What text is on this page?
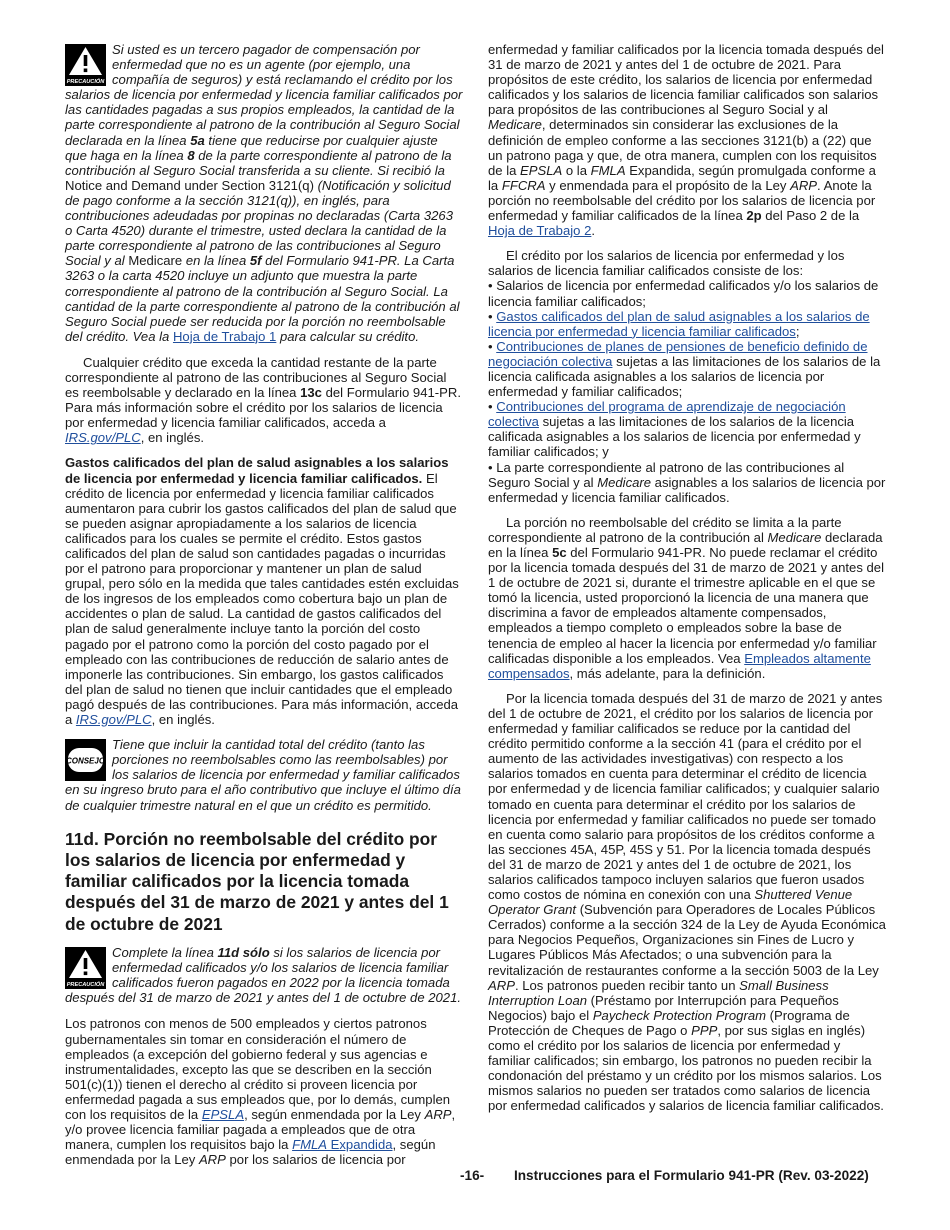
PRECAUCIÓN
Si usted es un tercero pagador de compensación por enfermedad que no es un agente (por ejemplo, una compañía de seguros) y está reclamando el crédito por los salarios de licencia por enfermedad y licencia familiar calificados por las cantidades pagadas a sus propios empleados, la cantidad de la parte correspondiente al patrono de la contribución al Seguro Social declarada en la línea 5a tiene que reducirse por cualquier ajuste que haga en la línea 8 de la parte correspondiente al patrono de la contribución al Seguro Social transferida a su cliente. Si recibió la Notice and Demand under Section 3121(q) (Notificación y solicitud de pago conforme a la sección 3121(q)), en inglés, para contribuciones adeudadas por propinas no declaradas (Carta 3263 o Carta 4520) durante el trimestre, usted declara la cantidad de la parte correspondiente al patrono de las contribuciones al Seguro Social y al Medicare en la línea 5f del Formulario 941-PR. La Carta 3263 o la carta 4520 incluye un adjunto que muestra la parte correspondiente al patrono de la contribución al Seguro Social. La cantidad de la parte correspondiente al patrono de la contribución al Seguro Social puede ser reducida por la porción no reembolsable del crédito. Vea la Hoja de Trabajo 1 para calcular su crédito.

Cualquier crédito que exceda la cantidad restante de la parte correspondiente al patrono de las contribuciones al Seguro Social es reembolsable y declarado en la línea 13c del Formulario 941-PR. Para más información sobre el crédito por los salarios de licencia por enfermedad y licencia familiar calificados, acceda a IRS.gov/PLC, en inglés.

Gastos calificados del plan de salud asignables a los salarios de licencia por enfermedad y licencia familiar calificados. El crédito de licencia por enfermedad y licencia familiar calificados aumentaron para cubrir los gastos calificados del plan de salud que se pueden asignar apropiadamente a los salarios de licencia calificados para los cuales se permite el crédito. Estos gastos calificados del plan de salud son cantidades pagadas o incurridas por el patrono para proporcionar y mantener un plan de salud grupal, pero sólo en la medida que tales cantidades estén excluidas de los ingresos de los empleados como cobertura bajo un plan de accidentes o plan de salud. La cantidad de gastos calificados del plan de salud generalmente incluye tanto la porción del costo pagado por el patrono como la porción del costo pagado por el empleado con las contribuciones de reducción de salario antes de imponerle las contribuciones. Sin embargo, los gastos calificados del plan de salud no tienen que incluir cantidades que el empleado pagó después de las contribuciones. Para más información, acceda a IRS.gov/PLC, en inglés.

CONSEJO
Tiene que incluir la cantidad total del crédito (tanto las porciones no reembolsables como las reembolsables) por los salarios de licencia por enfermedad y familiar calificados en su ingreso bruto para el año contributivo que incluye el último día de cualquier trimestre natural en el que un crédito es permitido.
11d. Porción no reembolsable del crédito por los salarios de licencia por enfermedad y familiar calificados por la licencia tomada después del 31 de marzo de 2021 y antes del 1 de octubre de 2021
PRECAUCIÓN
Complete la línea 11d sólo si los salarios de licencia por enfermedad calificados y/o los salarios de licencia familiar calificados fueron pagados en 2022 por la licencia tomada después del 31 de marzo de 2021 y antes del 1 de octubre de 2021.

Los patronos con menos de 500 empleados y ciertos patronos gubernamentales sin tomar en consideración el número de empleados (a excepción del gobierno federal y sus agencias e instrumentalidades, excepto las que se describen en la sección 501(c)(1)) tienen el derecho al crédito si proveen licencia por enfermedad pagada a sus empleados que, por lo demás, cumplen con los requisitos de la EPSLA, según enmendada por la Ley ARP, y/o provee licencia familiar pagada a empleados que de otra manera, cumplen los requisitos bajo la FMLA Expandida, según enmendada por la Ley ARP por los salarios de licencia por

enfermedad y familiar calificados por la licencia tomada después del 31 de marzo de 2021 y antes del 1 de octubre de 2021. Para propósitos de este crédito, los salarios de licencia por enfermedad calificados y los salarios de licencia familiar calificados son salarios para propósitos de las contribuciones al Seguro Social y al Medicare, determinados sin considerar las exclusiones de la definición de empleo conforme a las secciones 3121(b) a (22) que un patrono paga y que, de otra manera, cumplen con los requisitos de la EPSLA o la FMLA Expandida, según promulgada conforme a la FFCRA y enmendada para el propósito de la Ley ARP. Anote la porción no reembolsable del crédito por los salarios de licencia por enfermedad y familiar calificados de la línea 2p del Paso 2 de la Hoja de Trabajo 2.

El crédito por los salarios de licencia por enfermedad y los salarios de licencia familiar calificados consiste de los:

• Salarios de licencia por enfermedad calificados y/o los salarios de licencia familiar calificados;

• Gastos calificados del plan de salud asignables a los salarios de licencia por enfermedad y licencia familiar calificados;

• Contribuciones de planes de pensiones de beneficio definido de negociación colectiva sujetas a las limitaciones de los salarios de la licencia calificada asignables a los salarios de licencia por enfermedad y familiar calificados;

• Contribuciones del programa de aprendizaje de negociación colectiva sujetas a las limitaciones de los salarios de la licencia calificada asignables a los salarios de licencia por enfermedad y familiar calificados; y

• La parte correspondiente al patrono de las contribuciones al Seguro Social y al Medicare asignables a los salarios de licencia por enfermedad y licencia familiar calificados.

La porción no reembolsable del crédito se limita a la parte correspondiente al patrono de la contribución al Medicare declarada en la línea 5c del Formulario 941-PR. No puede reclamar el crédito por la licencia tomada después del 31 de marzo de 2021 y antes del 1 de octubre de 2021 si, durante el trimestre aplicable en el que se tomó la licencia, usted proporcionó la licencia de una manera que discrimina a favor de empleados altamente compensados, empleados a tiempo completo o empleados sobre la base de tenencia de empleo al hacer la licencia por enfermedad y/o familiar calificadas disponible a los empleados. Vea Empleados altamente compensados, más adelante, para la definición.

Por la licencia tomada después del 31 de marzo de 2021 y antes del 1 de octubre de 2021, el crédito por los salarios de licencia por enfermedad y familiar calificados se reduce por la cantidad del crédito permitido conforme a la sección 41 (para el crédito por el aumento de las actividades investigativas) con respecto a los salarios tomados en cuenta para determinar el crédito de licencia por enfermedad y de licencia familiar calificados; y cualquier salario tomado en cuenta para determinar el crédito por los salarios de licencia por enfermedad y familiar calificados no puede ser tomado en cuenta como salario para propósitos de los créditos conforme a las secciones 45A, 45P, 45S y 51. Por la licencia tomada después del 31 de marzo de 2021 y antes del 1 de octubre de 2021, los salarios calificados tampoco incluyen salarios que fueron usados como costos de nómina en conexión con una Shuttered Venue Operator Grant (Subvención para Operadores de Locales Públicos Cerrados) conforme a la sección 324 de la Ley de Ayuda Económica para Negocios Pequeños, Organizaciones sin Fines de Lucro y Lugares Públicos Más Afectados; o una subvención para la revitalización de restaurantes conforme a la sección 5003 de la Ley ARP. Los patronos pueden recibir tanto un Small Business Interruption Loan (Préstamo por Interrupción para Pequeños Negocios) bajo el Paycheck Protection Program (Programa de Protección de Cheques de Pago o PPP, por sus siglas en inglés) como el crédito por los salarios de licencia por enfermedad y familiar calificados; sin embargo, los patronos no pueden recibir la condonación del préstamo y un crédito por los mismos salarios. Los mismos salarios no pueden ser tratados como salarios de licencia por enfermedad calificados y salarios de licencia familiar calificados.

-16- Instrucciones para el Formulario 941-PR (Rev. 03-2022)
